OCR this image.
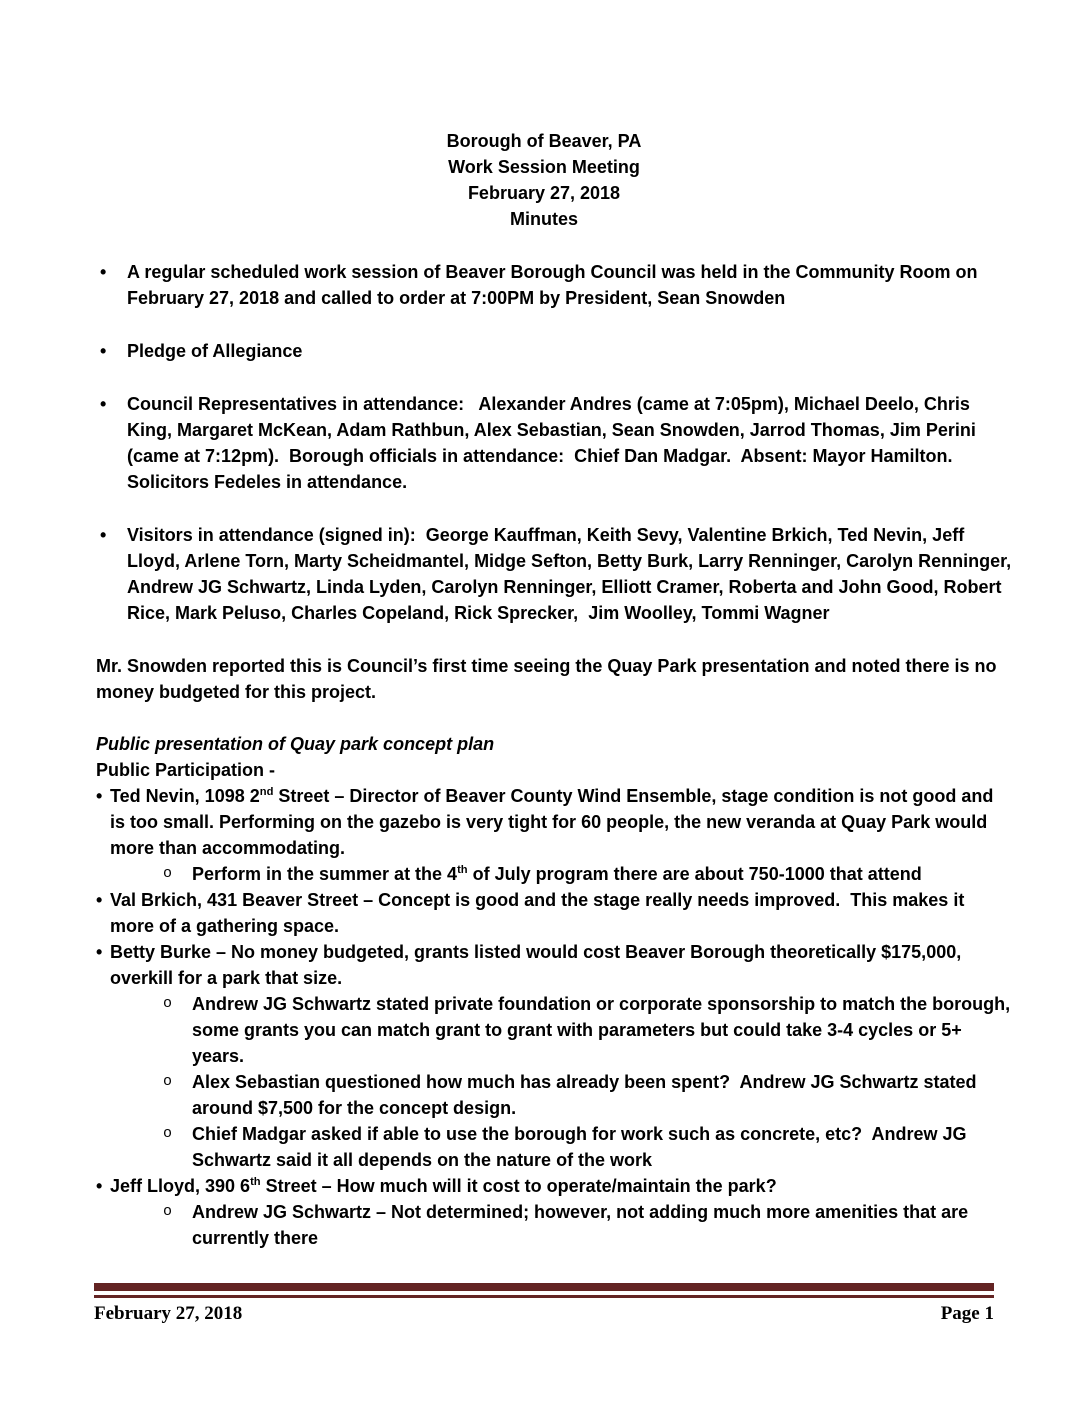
Borough of Beaver, PA
Work Session Meeting
February 27, 2018
Minutes
•	A regular scheduled work session of Beaver Borough Council was held in the Community Room on February 27, 2018 and called to order at 7:00PM by President, Sean Snowden
•	Pledge of Allegiance
•	Council Representatives in attendance:   Alexander Andres (came at 7:05pm), Michael Deelo, Chris King, Margaret McKean, Adam Rathbun, Alex Sebastian, Sean Snowden, Jarrod Thomas, Jim Perini (came at 7:12pm).  Borough officials in attendance:  Chief Dan Madgar.  Absent: Mayor Hamilton.  Solicitors Fedeles in attendance.
•	Visitors in attendance (signed in):  George Kauffman, Keith Sevy, Valentine Brkich, Ted Nevin, Jeff Lloyd, Arlene Torn, Marty Scheidmantel, Midge Sefton, Betty Burk, Larry Renninger, Carolyn Renninger, Andrew JG Schwartz, Linda Lyden, Carolyn Renninger, Elliott Cramer, Roberta and John Good, Robert Rice, Mark Peluso, Charles Copeland, Rick Sprecker,  Jim Woolley, Tommi Wagner
Mr. Snowden reported this is Council’s first time seeing the Quay Park presentation and noted there is no money budgeted for this project.
Public presentation of Quay park concept plan
Public Participation -
• Ted Nevin, 1098 2nd Street – Director of Beaver County Wind Ensemble, stage condition is not good and is too small. Performing on the gazebo is very tight for 60 people, the new veranda at Quay Park would more than accommodating.
o	Perform in the summer at the 4th of July program there are about 750-1000 that attend
• Val Brkich, 431 Beaver Street – Concept is good and the stage really needs improved.  This makes it more of a gathering space.
• Betty Burke – No money budgeted, grants listed would cost Beaver Borough theoretically $175,000, overkill for a park that size.
o	Andrew JG Schwartz stated private foundation or corporate sponsorship to match the borough, some grants you can match grant to grant with parameters but could take 3-4 cycles or 5+ years.
o	Alex Sebastian questioned how much has already been spent?  Andrew JG Schwartz stated around $7,500 for the concept design.
o	Chief Madgar asked if able to use the borough for work such as concrete, etc?  Andrew JG Schwartz said it all depends on the nature of the work
• Jeff Lloyd, 390 6th Street – How much will it cost to operate/maintain the park?
o	Andrew JG Schwartz – Not determined; however, not adding much more amenities that are currently there
February 27, 2018	Page 1
